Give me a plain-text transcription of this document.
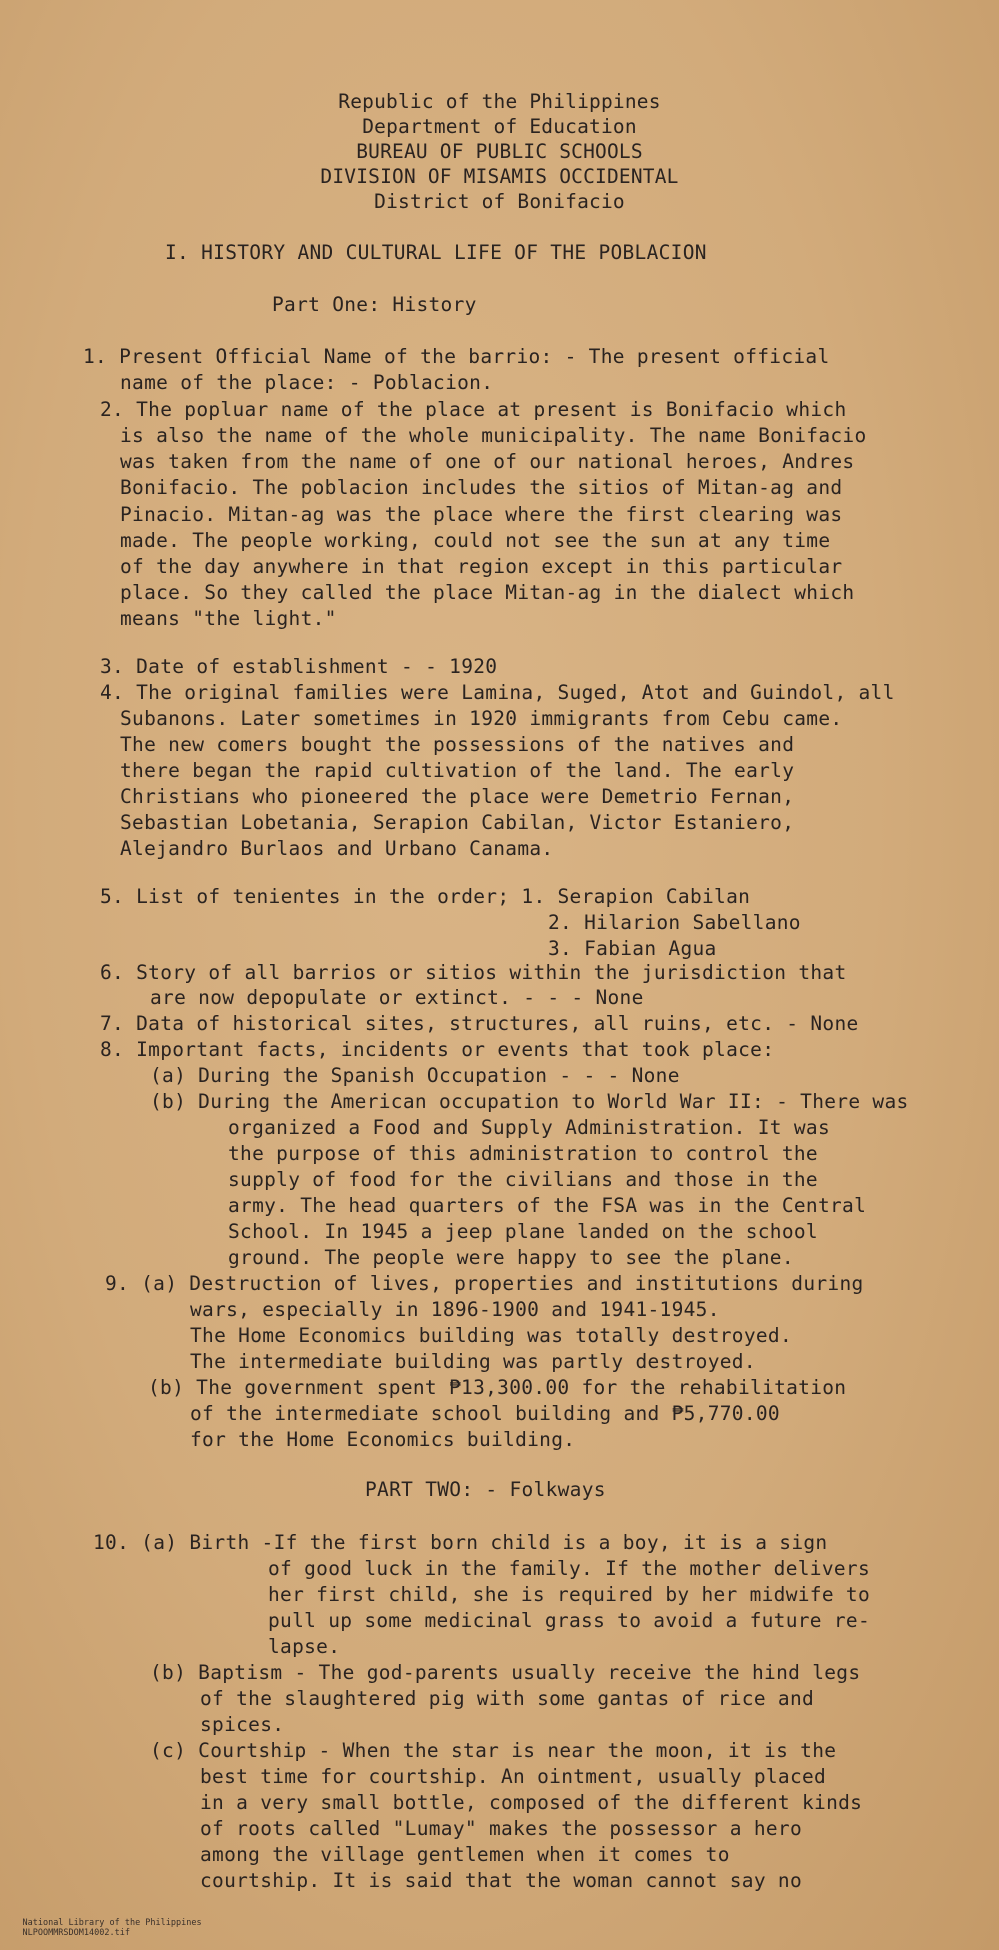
Republic of the Philippines
Department of Education
BUREAU OF PUBLIC SCHOOLS
DIVISION OF MISAMIS OCCIDENTAL
District of Bonifacio
I. HISTORY AND CULTURAL LIFE OF THE POBLACION
Part One: History
1. Present Official Name of the barrio: - The present official
name of the place: - Poblacion.
2. The popluar name of the place at present is Bonifacio which
is also the name of the whole municipality. The name Bonifacio
was taken from the name of one of our national heroes, Andres
Bonifacio. The poblacion includes the sitios of Mitan-ag and
Pinacio. Mitan-ag was the place where the first clearing was
made. The people working, could not see the sun at any time
of the day anywhere in that region except in this particular
place. So they called the place Mitan-ag in the dialect which
means "the light."
3. Date of establishment - - 1920
4. The original families were Lamina, Suged, Atot and Guindol, all
Subanons. Later sometimes in 1920 immigrants from Cebu came.
The new comers bought the possessions of the natives and
there began the rapid cultivation of the land. The early
Christians who pioneered the place were Demetrio Fernan,
Sebastian Lobetania, Serapion Cabilan, Victor Estaniero,
Alejandro Burlaos and Urbano Canama.
5. List of tenientes in the order; 1. Serapion Cabilan
2. Hilarion Sabellano
3. Fabian Agua
6. Story of all barrios or sitios within the jurisdiction that
are now depopulate or extinct. - - - None
7. Data of historical sites, structures, all ruins, etc. - None
8. Important facts, incidents or events that took place:
(a) During the Spanish Occupation - - - None
(b) During the American occupation to World War II: - There was
organized a Food and Supply Administration. It was
the purpose of this administration to control the
supply of food for the civilians and those in the
army. The head quarters of the FSA was in the Central
School. In 1945 a jeep plane landed on the school
ground. The people were happy to see the plane.
9. (a) Destruction of lives, properties and institutions during
wars, especially in 1896-1900 and 1941-1945.
The Home Economics building was totally destroyed.
The intermediate building was partly destroyed.
(b) The government spent ₱13,300.00 for the rehabilitation
of the intermediate school building and ₱5,770.00
for the Home Economics building.
PART TWO: - Folkways
10. (a) Birth -If the first born child is a boy, it is a sign
of good luck in the family. If the mother delivers
her first child, she is required by her midwife to
pull up some medicinal grass to avoid a future re-
lapse.
(b) Baptism - The god-parents usually receive the hind legs
of the slaughtered pig with some gantas of rice and
spices.
(c) Courtship - When the star is near the moon, it is the
best time for courtship. An ointment, usually placed
in a very small bottle, composed of the different kinds
of roots called "Lumay" makes the possessor a hero
among the village gentlemen when it comes to
courtship. It is said that the woman cannot say no

National Library of the Philippines
NLPOOMMRSDOM14002.tif
